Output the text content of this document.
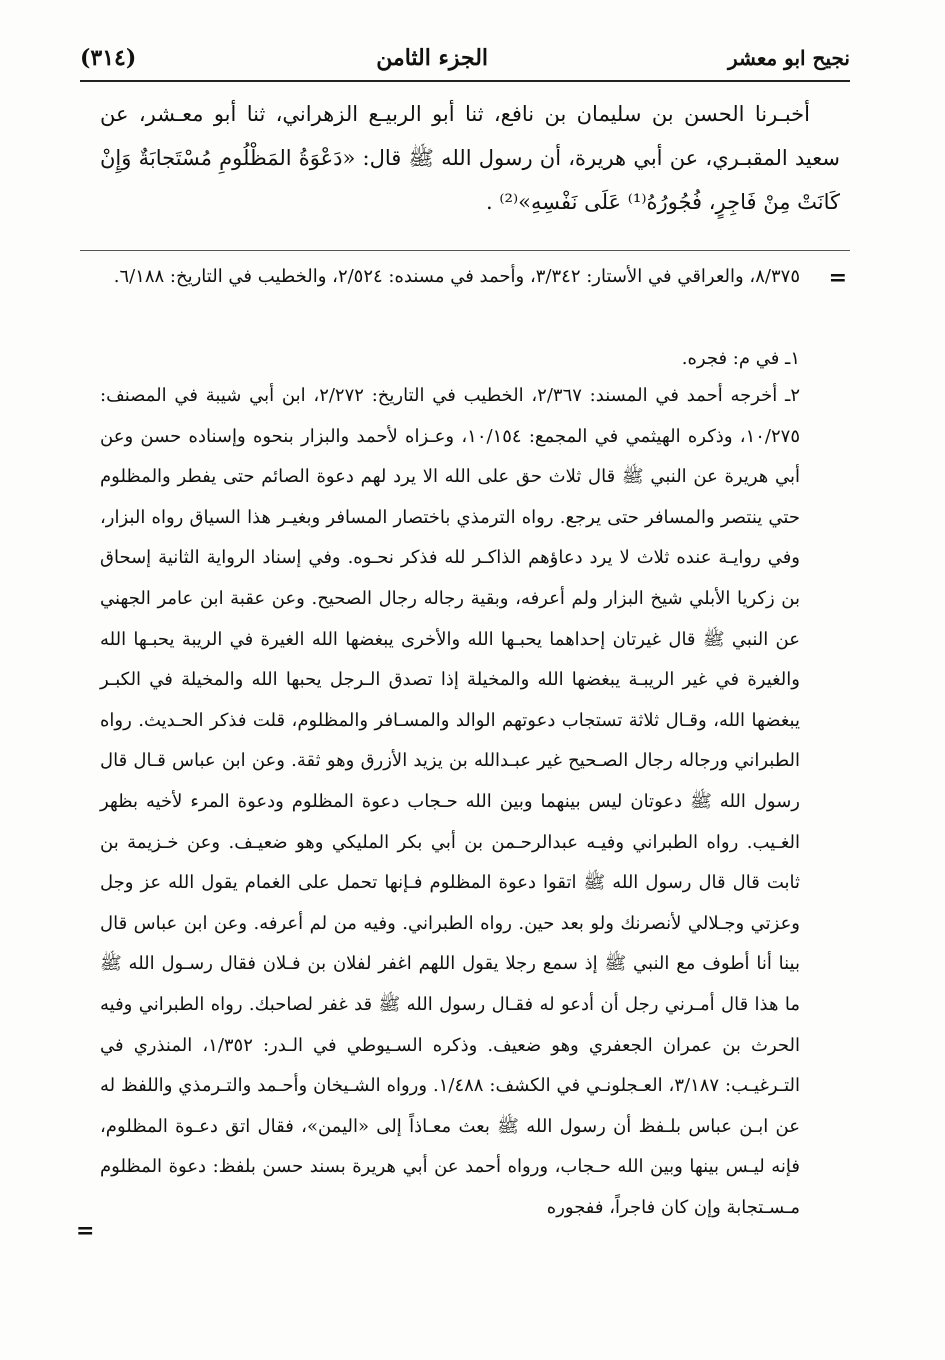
(٣١٤)	الجزء الثامن	نجيح ابو معشر

أخبـرنا الحسن بن سليمان بن نافع، ثنا أبو الربيـع الزهراني، ثنا أبو معـشر، عن سعيد المقبـري، عن أبي هريرة، أن رسول الله ﷺ قال: «دَعْوَةُ المَظْلُومِ مُسْتَجابَةٌ وَإِنْ كَانَتْ مِنْ فَاجِرٍ، فُجُورُهُ⁽¹⁾ عَلَى نَفْسِهِ»⁽²⁾ .

=

٨/٣٧٥، والعراقي في الأستار: ٣/٣٤٢، وأحمد في مسنده: ٢/٥٢٤، والخطيب في التاريخ: ٦/١٨٨.

١ـ في م: فجره.

٢ـ أخرجه أحمد في المسند: ٢/٣٦٧، الخطيب في التاريخ: ٢/٢٧٢، ابن أبي شيبة في المصنف: ١٠/٢٧٥، وذكره الهيثمي في المجمع: ١٠/١٥٤، وعـزاه لأحمد والبزار بنحوه وإسناده حسن وعن أبي هريرة عن النبي ﷺ قال ثلاث حق على الله الا يرد لهم دعوة الصائم حتى يفطر والمظلوم حتي ينتصر والمسافر حتى يرجع. رواه الترمذي باختصار المسافر وبغيـر هذا السياق رواه البزار، وفي روايـة عنده ثلاث لا يرد دعاؤهم الذاكـر لله فذكر نحـوه. وفي إسناد الرواية الثانية إسحاق بن زكريا الأبلي شيخ البزار ولم أعرفه، وبقية رجاله رجال الصحيح. وعن عقبة ابن عامر الجهني عن النبي ﷺ قال غيرتان إحداهما يحبـها الله والأخرى يبغضها الله الغيرة في الريبة يحبـها الله والغيرة في غير الريبـة يبغضها الله والمخيلة إذا تصدق الـرجل يحبها الله والمخيلة في الكبـر يبغضها الله، وقـال ثلاثة تستجاب دعوتهم الوالد والمسـافر والمظلوم، قلت فذكر الحـديث. رواه الطبراني ورجاله رجال الصـحيح غير عبـدالله بن يزيد الأزرق وهو ثقة. وعن ابن عباس قـال قال رسول الله ﷺ دعوتان ليس بينهما وبين الله حـجاب دعوة المظلوم ودعوة المرء لأخيه بظهر الغـيب. رواه الطبراني وفيـه عبدالرحـمن بن أبي بكر المليكي وهو ضعيـف. وعن خـزيمة بن ثابت قال قال رسول الله ﷺ اتقوا دعوة المظلوم فـإنها تحمل على الغمام يقول الله عز وجل وعزتي وجـلالي لأنصرنك ولو بعد حين. رواه الطبراني. وفيه من لم أعرفه. وعن ابن عباس قال بينا أنا أطوف مع النبي ﷺ إذ سمع رجلا يقول اللهم اغفر لفلان بن فـلان فقال رسـول الله ﷺ ما هذا قال أمـرني رجل أن أدعو له فقـال رسول الله ﷺ قد غفر لصاحبك. رواه الطبراني وفيه الحرث بن عمران الجعفري وهو ضعيف. وذكره السـيوطي في الـدر: ١/٣٥٢، المنذري في التـرغيـب: ٣/١٨٧، العـجلونـي في الكشف: ١/٤٨٨. ورواه الشـيخان وأحـمد والتـرمذي واللفظ له عن ابـن عباس بلـفظ أن رسول الله ﷺ بعث معـاذاً إلى «اليمن»، فقال اتق دعـوة المظلوم، فإنه ليـس بينها وبين الله حـجاب، ورواه أحمد عن أبي هريرة بسند حسن بلفظ: دعوة المظلوم مـسـتجابة وإن كان فاجراً، ففجوره

=
